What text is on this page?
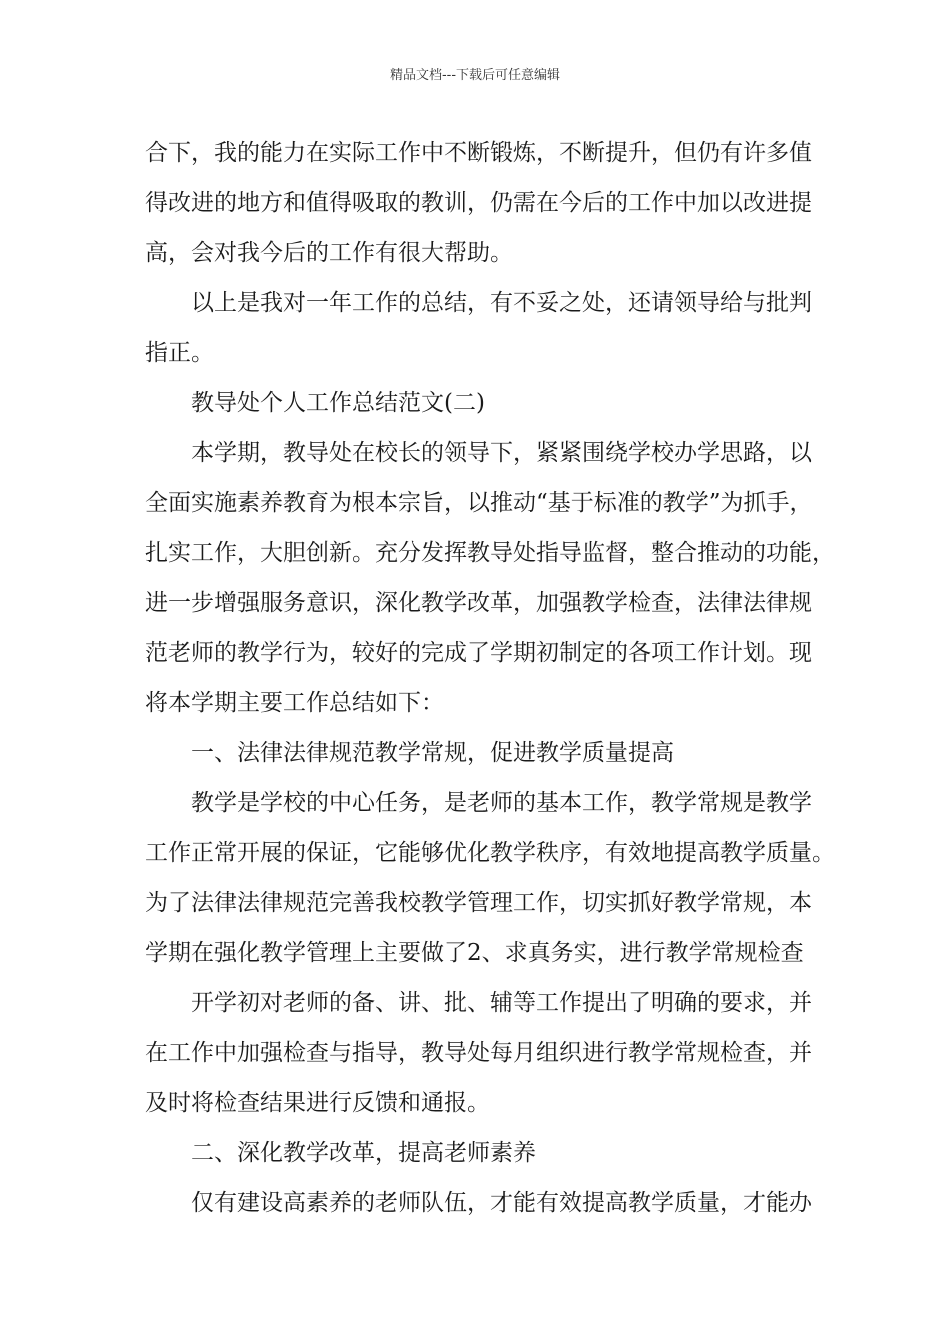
精品文档---下载后可任意编辑
合下，我的能力在实际工作中不断锻炼，不断提升，但仍有许多值
得改进的地方和值得吸取的教训，仍需在今后的工作中加以改进提
高，会对我今后的工作有很大帮助。
以上是我对一年工作的总结，有不妥之处，还请领导给与批判
指正。
教导处个人工作总结范文(二)
本学期，教导处在校长的领导下，紧紧围绕学校办学思路，以
全面实施素养教育为根本宗旨，以推动“基于标准的教学”为抓手，
扎实工作，大胆创新。充分发挥教导处指导监督，整合推动的功能，
进一步增强服务意识，深化教学改革，加强教学检查，法律法律规
范老师的教学行为，较好的完成了学期初制定的各项工作计划。现
将本学期主要工作总结如下：
一、法律法律规范教学常规，促进教学质量提高
教学是学校的中心任务，是老师的基本工作，教学常规是教学
工作正常开展的保证，它能够优化教学秩序，有效地提高教学质量。
为了法律法律规范完善我校教学管理工作，切实抓好教学常规，本
学期在强化教学管理上主要做了2、求真务实，进行教学常规检查
开学初对老师的备、讲、批、辅等工作提出了明确的要求，并
在工作中加强检查与指导，教导处每月组织进行教学常规检查，并
及时将检查结果进行反馈和通报。
二、深化教学改革，提高老师素养
仅有建设高素养的老师队伍，才能有效提高教学质量，才能办
